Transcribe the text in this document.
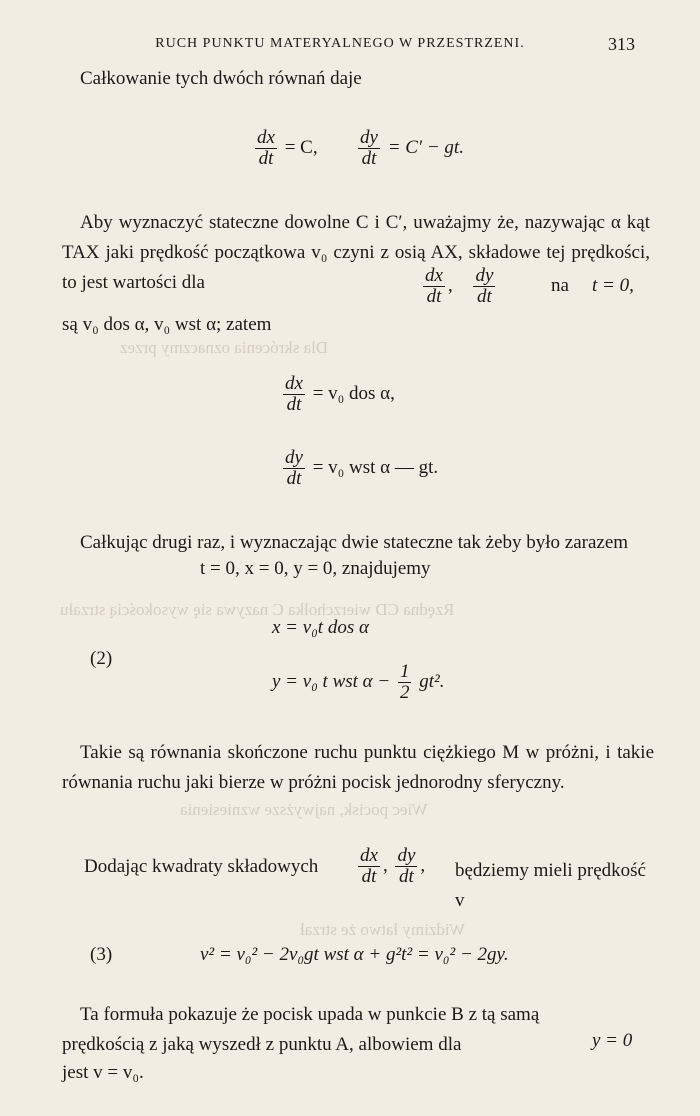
Dla skrócenia oznaczmy przez
Rzędna CD wierzchołka C nazywa się wysokością strzału
Widzimy łatwo że strzał
Wiec pocisk, najwyższe wzniesienia
RUCH PUNKTU MATERYALNEGO W PRZESTRZENI.	313
Całkowanie tych dwóch równań daje
$\frac{dx}{dt} = C$, $\frac{dy}{dt} = C'$ − gt.

Aby wyznaczyć stateczne dowolne C i C′, uważajmy że, nazywając α kąt TAX jaki prędkość początkowa v₀ czyni z osią AX, składowe tej prędkości, to jest wartości dla	$\frac{dx}{dt}$ , $\frac{dy}{dt}$	na t = 0,
są v₀ dos α, v₀ wst α; zatem
$\frac{dx}{dt} = v_0$ dos α,
$\frac{dy}{dt} = v_0$ wst α — gt.

Całkując drugi raz, i wyznaczając dwie stateczne tak żeby było zarazem

t = 0, x = 0, y = 0, znajdujemy
x = v₀t dos α
(2)
y = v₀ t wst $\alpha - \frac{1}{2} gt^2$.

Takie są równania skończone ruchu punktu ciężkiego M w próżni, i takie równania ruchu jaki bierze w próżni pocisk jednorodny sferyczny.

Dodając kwadraty składowych $\frac{dx}{dt}$ , $\frac{dy}{dt}$ , będziemy mieli prędkość v

(3)	v² = v₀² − 2v₀gt wst α + g²t² = v₀² − 2gy.

Ta formuła pokazuje że pocisk upada w punkcie B z tą samą prędkością z jaką wyszedł z punktu A, albowiem dla	y = 0
jest v = v₀.
